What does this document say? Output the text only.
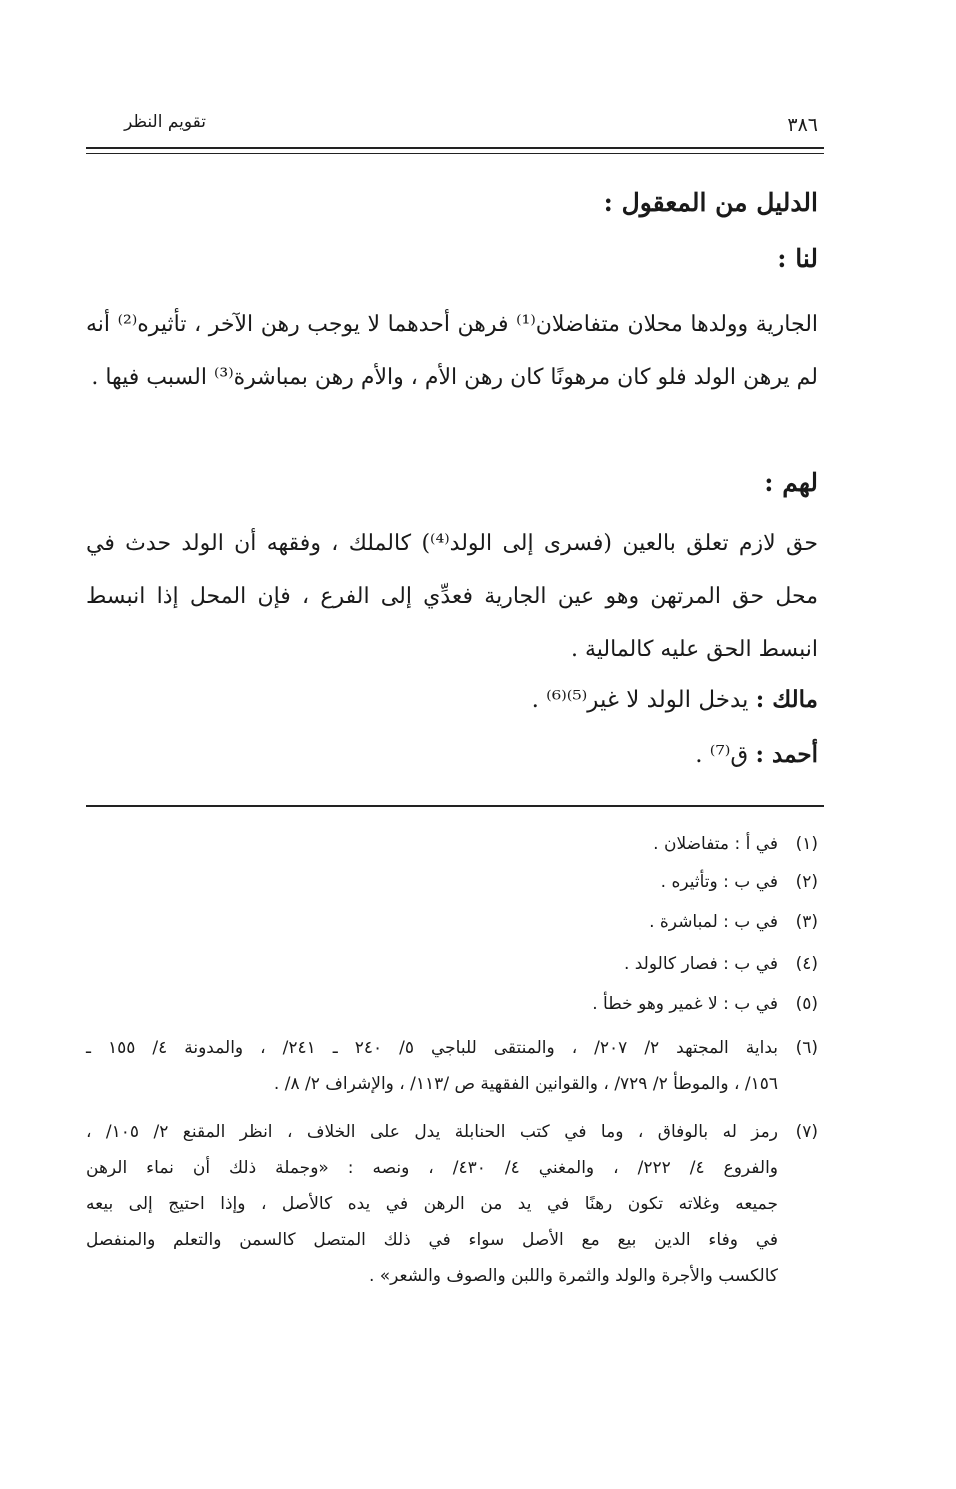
تقويم النظر	٣٨٦
الدليل من المعقول :
لنا :
الجارية وولدها محلان متفاضلان⁽¹⁾ فرهن أحدهما لا يوجب رهن الآخر ، تأثيره⁽²⁾ أنه لم يرهن الولد فلو كان مرهونًا كان رهن الأم ، والأم رهن بمباشرة⁽³⁾ السبب فيها .
لهم :
حق لازم تعلق بالعين (فسرى إلى الولد⁽⁴⁾) كالملك ، وفقهه أن الولد حدث في محل حق المرتهن وهو عين الجارية فعدِّي إلى الفرع ، فإن المحل إذا انبسط انبسط الحق عليه كالمالية .
مالك : يدخل الولد لا غير⁽⁵⁾⁽⁶⁾ .
أحمد : ق⁽⁷⁾ .
(١)في أ : متفاضلان .
(٢)في ب : وتأثيره .
(٣)في ب : لمباشرة .
(٤)في ب : فصار كالولد .
(٥)في ب : لا غمير وهو خطأ .
(٦)بداية المجتهد ٢/ ٢٠٧/ ، والمنتقى للباجي ٥/ ٢٤٠ ـ ٢٤١/ ، والمدونة ٤/ ١٥٥ ـ
١٥٦/ ، والموطأ ٢/ ٧٢٩/ ، والقوانين الفقهية ص /١١٣/ ، والإشراف ٢/ ٨/ .
(٧)رمز له بالوفاق ، وما في كتب الحنابلة يدل على الخلاف ، انظر المقنع ٢/ ١٠٥/ ،
والفروع ٤/ ٢٢٢/ ، والمغني ٤/ ٤٣٠/ ، ونصه : «وجملة ذلك أن نماء الرهن
جميعه وغلاته تكون رهنًا في يد من الرهن في يده كالأصل ، وإذا احتيج إلى بيعه
في وفاء الدين بيع مع الأصل سواء في ذلك المتصل كالسمن والتعلم والمنفصل
كالكسب والأجرة والولد والثمرة واللبن والصوف والشعر» .
